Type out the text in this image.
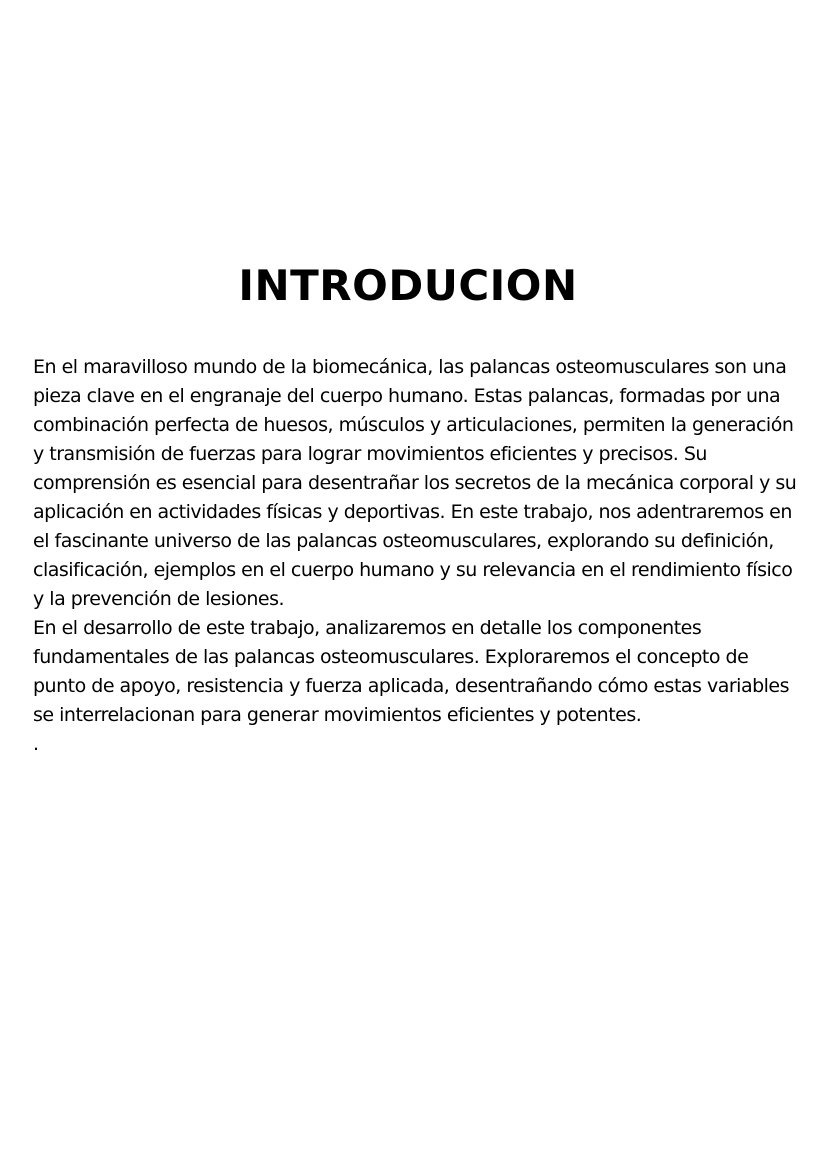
INTRODUCION

En el maravilloso mundo de la biomecánica, las palancas osteomusculares son una pieza clave en el engranaje del cuerpo humano. Estas palancas, formadas por una combinación perfecta de huesos, músculos y articulaciones, permiten la generación y transmisión de fuerzas para lograr movimientos eficientes y precisos. Su comprensión es esencial para desentrañar los secretos de la mecánica corporal y su aplicación en actividades físicas y deportivas. En este trabajo, nos adentraremos en el fascinante universo de las palancas osteomusculares, explorando su definición, clasificación, ejemplos en el cuerpo humano y su relevancia en el rendimiento físico y la prevención de lesiones.

En el desarrollo de este trabajo, analizaremos en detalle los componentes fundamentales de las palancas osteomusculares. Exploraremos el concepto de punto de apoyo, resistencia y fuerza aplicada, desentrañando cómo estas variables se interrelacionan para generar movimientos eficientes y potentes.

.
